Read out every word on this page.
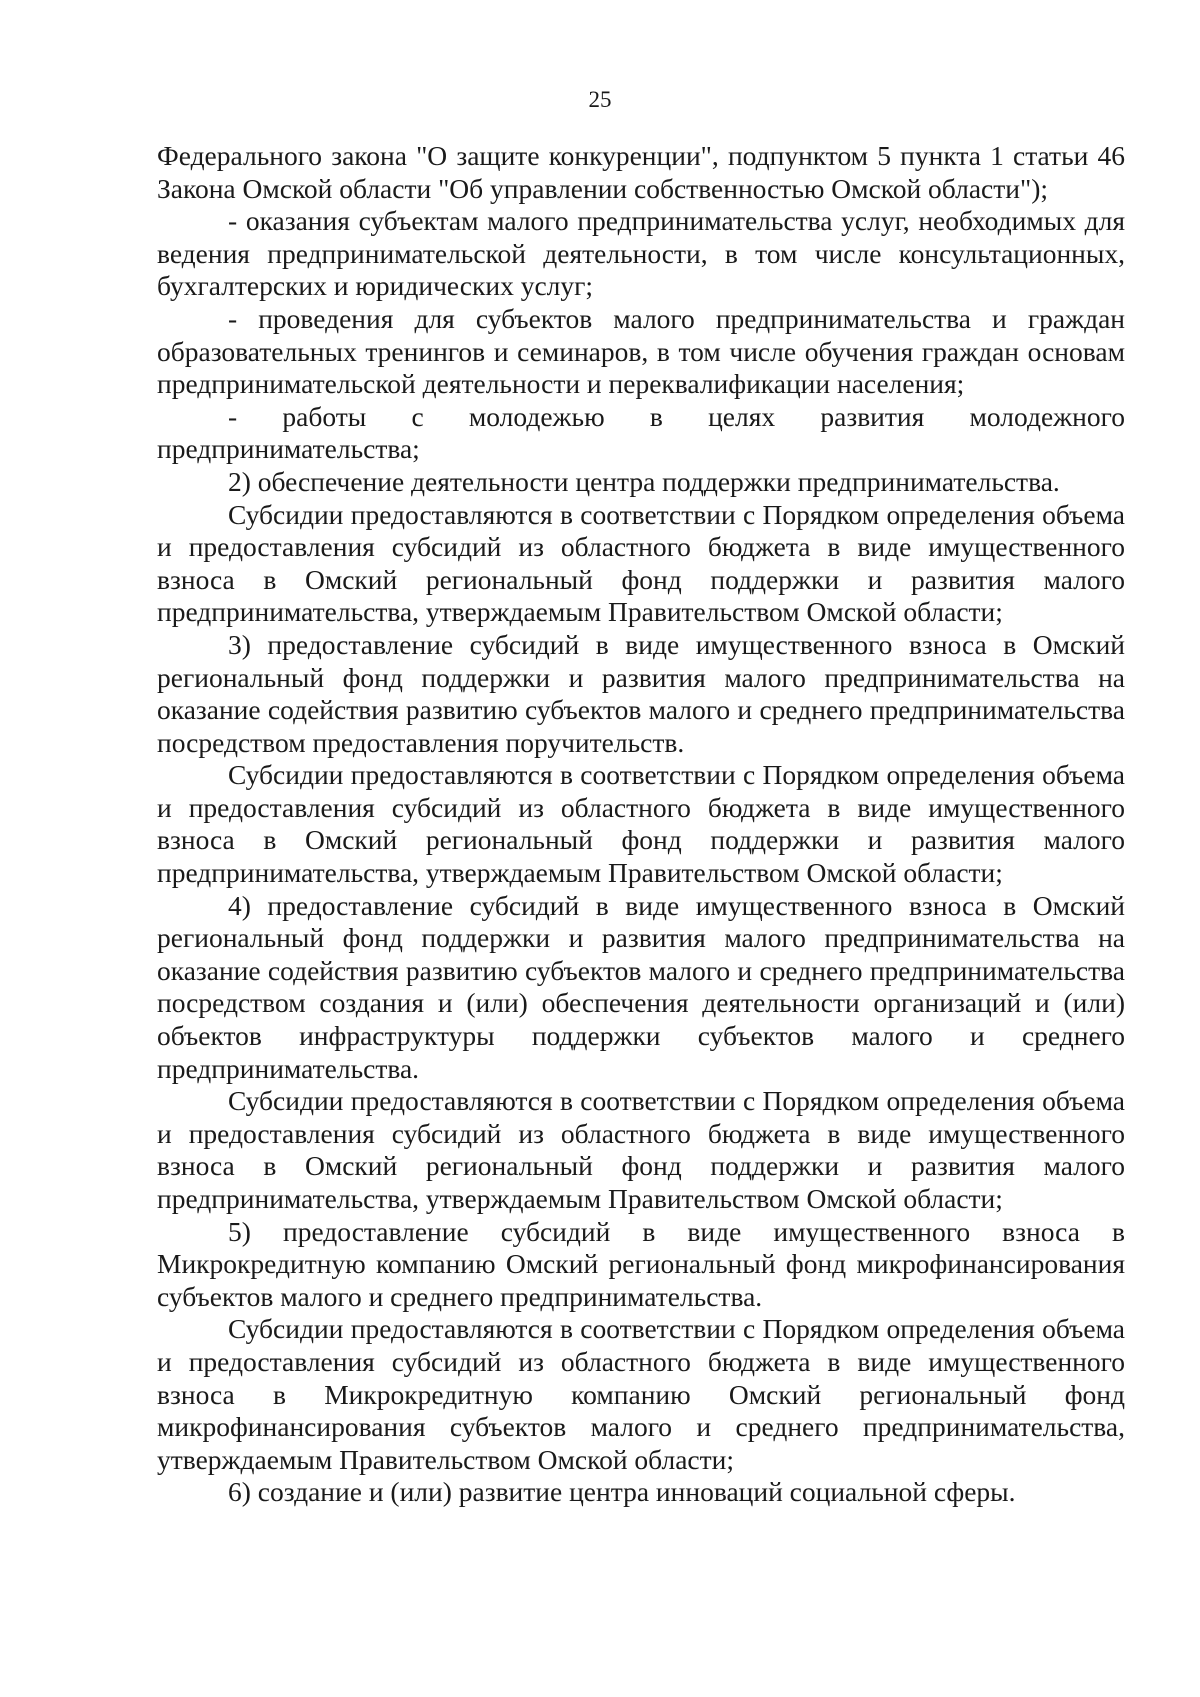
25

Федерального закона "О защите конкуренции", подпунктом 5 пункта 1 статьи 46 Закона Омской области "Об управлении собственностью Омской области");

- оказания субъектам малого предпринимательства услуг, необходимых для ведения предпринимательской деятельности, в том числе консультационных, бухгалтерских и юридических услуг;

- проведения для субъектов малого предпринимательства и граждан образовательных тренингов и семинаров, в том числе обучения граждан основам предпринимательской деятельности и переквалификации населения;

- работы с молодежью в целях развития молодежного предпринимательства;

2) обеспечение деятельности центра поддержки предпринимательства.

Субсидии предоставляются в соответствии с Порядком определения объема и предоставления субсидий из областного бюджета в виде имущественного взноса в Омский региональный фонд поддержки и развития малого предпринимательства, утверждаемым Правительством Омской области;

3) предоставление субсидий в виде имущественного взноса в Омский региональный фонд поддержки и развития малого предпринимательства на оказание содействия развитию субъектов малого и среднего предпринимательства посредством предоставления поручительств.

Субсидии предоставляются в соответствии с Порядком определения объема и предоставления субсидий из областного бюджета в виде имущественного взноса в Омский региональный фонд поддержки и развития малого предпринимательства, утверждаемым Правительством Омской области;

4) предоставление субсидий в виде имущественного взноса в Омский региональный фонд поддержки и развития малого предпринимательства на оказание содействия развитию субъектов малого и среднего предпринимательства посредством создания и (или) обеспечения деятельности организаций и (или) объектов инфраструктуры поддержки субъектов малого и среднего предпринимательства.

Субсидии предоставляются в соответствии с Порядком определения объема и предоставления субсидий из областного бюджета в виде имущественного взноса в Омский региональный фонд поддержки и развития малого предпринимательства, утверждаемым Правительством Омской области;

5) предоставление субсидий в виде имущественного взноса в Микрокредитную компанию Омский региональный фонд микрофинансирования субъектов малого и среднего предпринимательства.

Субсидии предоставляются в соответствии с Порядком определения объема и предоставления субсидий из областного бюджета в виде имущественного взноса в Микрокредитную компанию Омский региональный фонд микрофинансирования субъектов малого и среднего предпринимательства, утверждаемым Правительством Омской области;

6) создание и (или) развитие центра инноваций социальной сферы.
